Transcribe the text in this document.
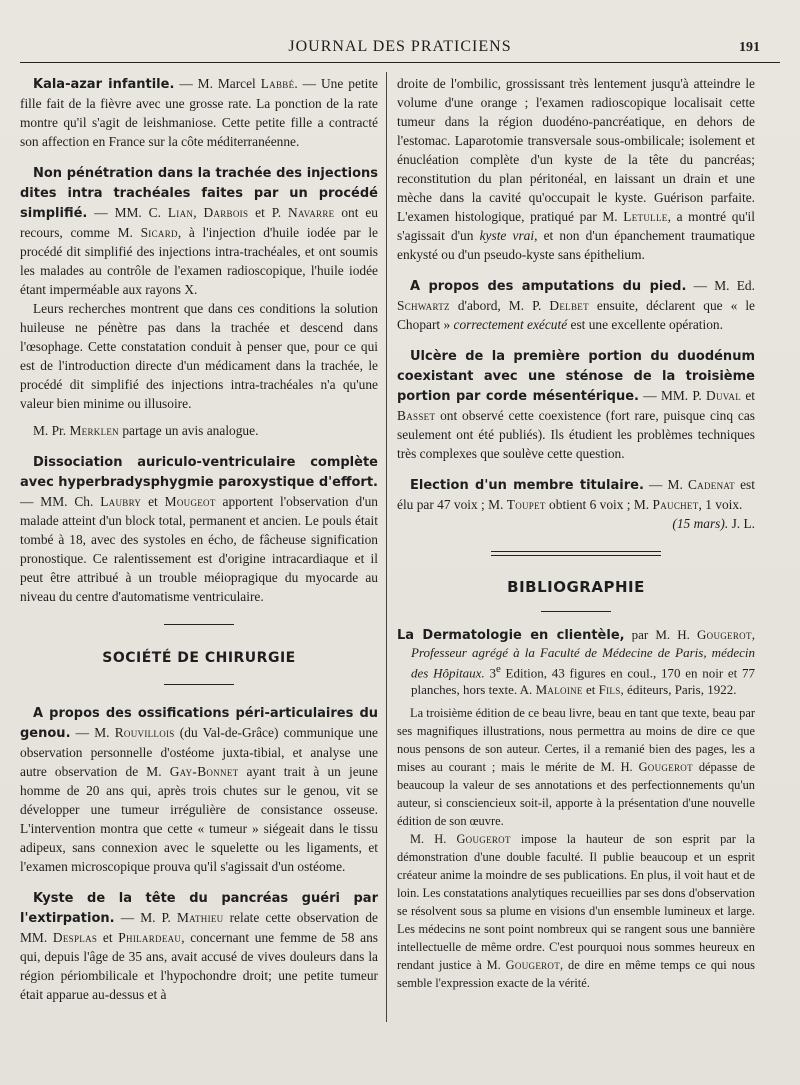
JOURNAL DES PRATICIENS	191

Kala-azar infantile. — M. Marcel Labbé. — Une petite fille fait de la fièvre avec une grosse rate. La ponction de la rate montre qu'il s'agit de leishmaniose. Cette petite fille a contracté son affection en France sur la côte méditerranéenne.

Non pénétration dans la trachée des injections dites intra trachéales faites par un procédé simplifié. — MM. C. Lian, Darbois et P. Navarre ont eu recours, comme M. Sicard, à l'injection d'huile iodée par le procédé dit simplifié des injections intra-trachéales, et ont soumis les malades au contrôle de l'examen radioscopique, l'huile iodée étant imperméable aux rayons X.

Leurs recherches montrent que dans ces conditions la solution huileuse ne pénètre pas dans la trachée et descend dans l'œsophage. Cette constatation conduit à penser que, pour ce qui est de l'introduction directe d'un médicament dans la trachée, le procédé dit simplifié des injections intra-trachéales n'a qu'une valeur bien minime ou illusoire.

M. Pr. Merklen partage un avis analogue.

Dissociation auriculo-ventriculaire complète avec hyperbradysphygmie paroxystique d'effort. — MM. Ch. Laubry et Mougeot apportent l'observation d'un malade atteint d'un block total, permanent et ancien. Le pouls était tombé à 18, avec des systoles en écho, de fâcheuse signification pronostique. Ce ralentissement est d'origine intracardiaque et il peut être attribué à un trouble méiopragique du myocarde au niveau du centre d'automatisme ventriculaire.

SOCIÉTÉ DE CHIRURGIE

A propos des ossifications péri-articulaires du genou. — M. Rouvillois (du Val-de-Grâce) communique une observation personnelle d'ostéome juxta-tibial, et analyse une autre observation de M. Gay-Bonnet ayant trait à un jeune homme de 20 ans qui, après trois chutes sur le genou, vit se développer une tumeur irrégulière de consistance osseuse. L'intervention montra que cette « tumeur » siégeait dans le tissu adipeux, sans connexion avec le squelette ou les ligaments, et l'examen microscopique prouva qu'il s'agissait d'un ostéome.

Kyste de la tête du pancréas guéri par l'extirpation. — M. P. Mathieu relate cette observation de MM. Desplas et Philardeau, concernant une femme de 58 ans qui, depuis l'âge de 35 ans, avait accusé de vives douleurs dans la région périombilicale et l'hypochondre droit; une petite tumeur était apparue au-dessus et à

droite de l'ombilic, grossissant très lentement jusqu'à atteindre le volume d'une orange ; l'examen radioscopique localisait cette tumeur dans la région duodéno-pancréatique, en dehors de l'estomac. Laparotomie transversale sous-ombilicale; isolement et énucléation complète d'un kyste de la tête du pancréas; reconstitution du plan péritonéal, en laissant un drain et une mèche dans la cavité qu'occupait le kyste. Guérison parfaite. L'examen histologique, pratiqué par M. Letulle, a montré qu'il s'agissait d'un kyste vrai, et non d'un épanchement traumatique enkysté ou d'un pseudo-kyste sans épithelium.

A propos des amputations du pied. — M. Ed. Schwartz d'abord, M. P. Delbet ensuite, déclarent que « le Chopart » correctement exécuté est une excellente opération.

Ulcère de la première portion du duodénum coexistant avec une sténose de la troisième portion par corde mésentérique. — MM. P. Duval et Basset ont observé cette coexistence (fort rare, puisque cinq cas seulement ont été publiés). Ils étudient les problèmes techniques très complexes que soulève cette question.

Election d'un membre titulaire. — M. Cadenat est élu par 47 voix ; M. Toupet obtient 6 voix ; M. Pauchet, 1 voix.

(15 mars). J. L.

BIBLIOGRAPHIE

La Dermatologie en clientèle, par M. H. Gougerot, Professeur agrégé à la Faculté de Médecine de Paris, médecin des Hôpitaux. 3e Edition, 43 figures en coul., 170 en noir et 77 planches, hors texte. A. Maloine et Fils, éditeurs, Paris, 1922.

La troisième édition de ce beau livre, beau en tant que texte, beau par ses magnifiques illustrations, nous permettra au moins de dire ce que nous pensons de son auteur. Certes, il a remanié bien des pages, les a mises au courant ; mais le mérite de M. H. Gougerot dépasse de beaucoup la valeur de ses annotations et des perfectionnements qu'un auteur, si consciencieux soit-il, apporte à la présentation d'une nouvelle édition de son œuvre.

M. H. Gougerot impose la hauteur de son esprit par la démonstration d'une double faculté. Il publie beaucoup et un esprit créateur anime la moindre de ses publications. En plus, il voit haut et de loin. Les constatations analytiques recueillies par ses dons d'observation se résolvent sous sa plume en visions d'un ensemble lumineux et large. Les médecins ne sont point nombreux qui se rangent sous une bannière intellectuelle de même ordre. C'est pourquoi nous sommes heureux en rendant justice à M. Gougerot, de dire en même temps ce qui nous semble l'expression exacte de la vérité.
